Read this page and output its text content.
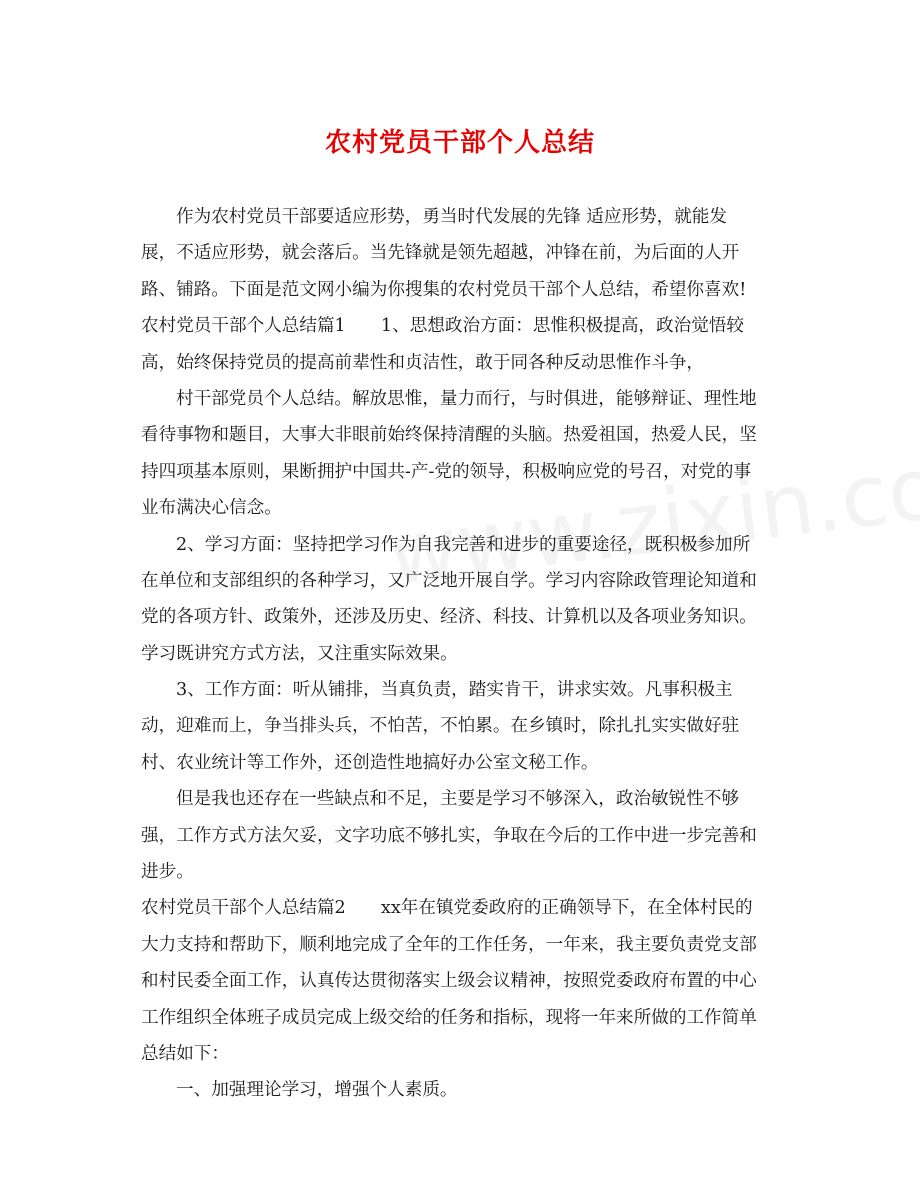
农村党员干部个人总结
作为农村党员干部要适应形势，勇当时代发展的先锋 适应形势，就能发
展，不适应形势，就会落后。当先锋就是领先超越，冲锋在前，为后面的人开
路、铺路。下面是范文网小编为你搜集的农村党员干部个人总结，希望你喜欢!
农村党员干部个人总结篇1　　1、思想政治方面：思惟积极提高，政治觉悟较
高，始终保持党员的提高前辈性和贞洁性，敢于同各种反动思惟作斗争，
村干部党员个人总结。解放思惟，量力而行，与时俱进，能够辩证、理性地
看待事物和题目，大事大非眼前始终保持清醒的头脑。热爱祖国，热爱人民，坚
持四项基本原则，果断拥护中国共-产-党的领导，积极响应党的号召，对党的事
业布满决心信念。
2、学习方面：坚持把学习作为自我完善和进步的重要途径，既积极参加所
在单位和支部组织的各种学习，又广泛地开展自学。学习内容除政管理论知道和
党的各项方针、政策外，还涉及历史、经济、科技、计算机以及各项业务知识。
学习既讲究方式方法，又注重实际效果。
3、工作方面：听从铺排，当真负责，踏实肯干，讲求实效。凡事积极主
动，迎难而上，争当排头兵，不怕苦，不怕累。在乡镇时，除扎扎实实做好驻
村、农业统计等工作外，还创造性地搞好办公室文秘工作。
但是我也还存在一些缺点和不足，主要是学习不够深入，政治敏锐性不够
强，工作方式方法欠妥，文字功底不够扎实，争取在今后的工作中进一步完善和
进步。
农村党员干部个人总结篇2　　xx年在镇党委政府的正确领导下，在全体村民的
大力支持和帮助下，顺利地完成了全年的工作任务，一年来，我主要负责党支部
和村民委全面工作，认真传达贯彻落实上级会议精神，按照党委政府布置的中心
工作组织全体班子成员完成上级交给的任务和指标，现将一年来所做的工作简单
总结如下：
一、加强理论学习，增强个人素质。
